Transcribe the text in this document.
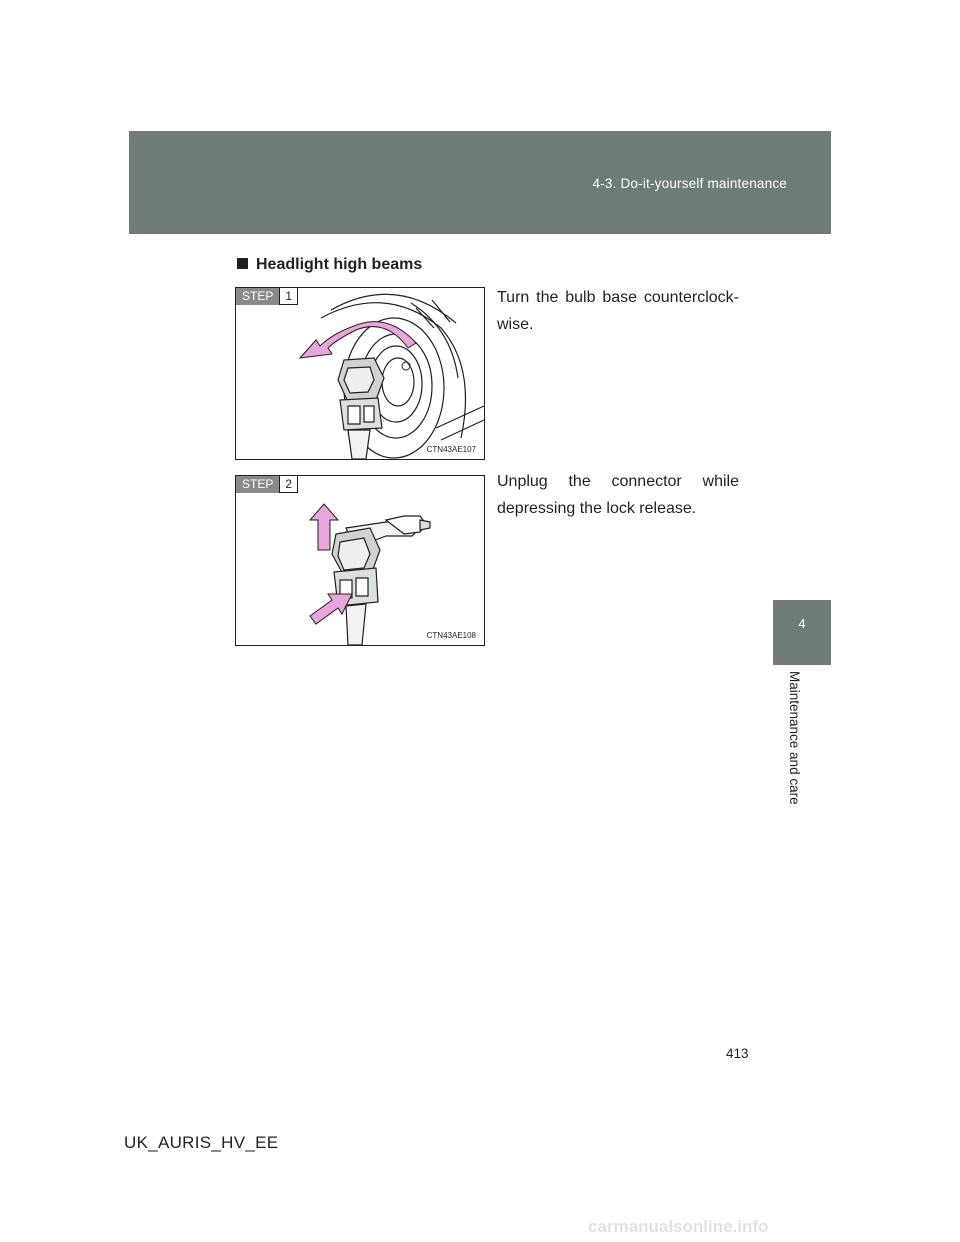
4-3. Do-it-yourself maintenance
4
Maintenance and care
Headlight high beams
STEP	1
CTN43AE107
Turn the bulb base counterclock-wise.
STEP	2
CTN43AE108
Unplug the connector while depressing the lock release.
413
UK_AURIS_HV_EE
carmanualsonline.info
